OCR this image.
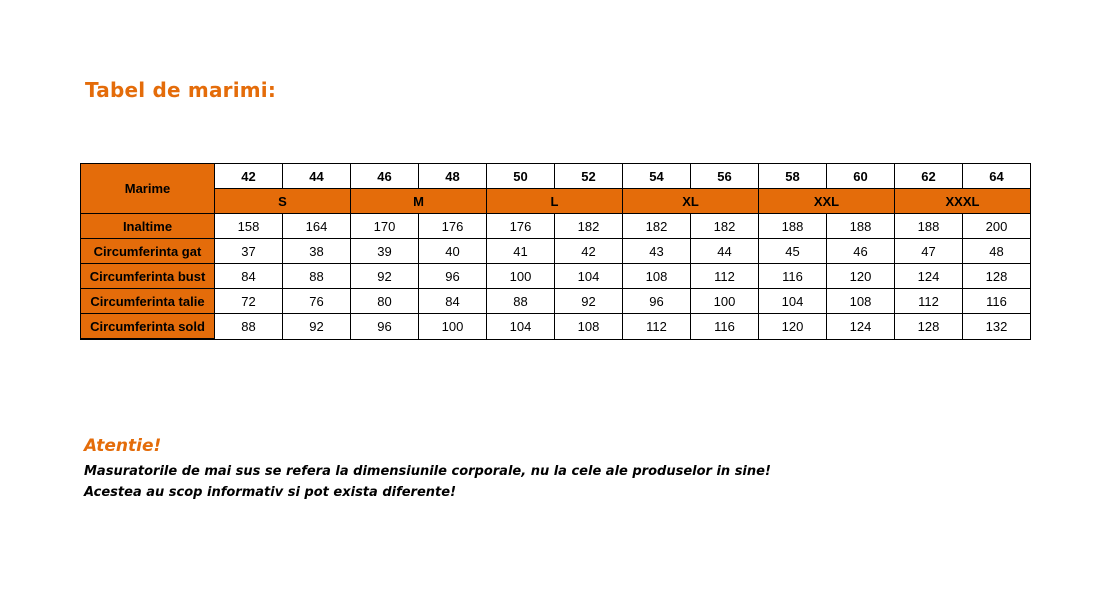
Tabel de marimi:
Marime	42	44	46	48	50	52	54	56	58	60	62	64
	S		M		L		XL		XXL		XXXL	
Inaltime	158	164	170	176	176	182	182	182	188	188	188	200
Circumferinta gat	37	38	39	40	41	42	43	44	45	46	47	48
Circumferinta bust	84	88	92	96	100	104	108	112	116	120	124	128
Circumferinta talie	72	76	80	84	88	92	96	100	104	108	112	116
Circumferinta sold	88	92	96	100	104	108	112	116	120	124	128	132
Atentie!
Masuratorile de mai sus se refera la dimensiunile corporale, nu la cele ale produselor in sine!
Acestea au scop informativ si pot exista diferente!
